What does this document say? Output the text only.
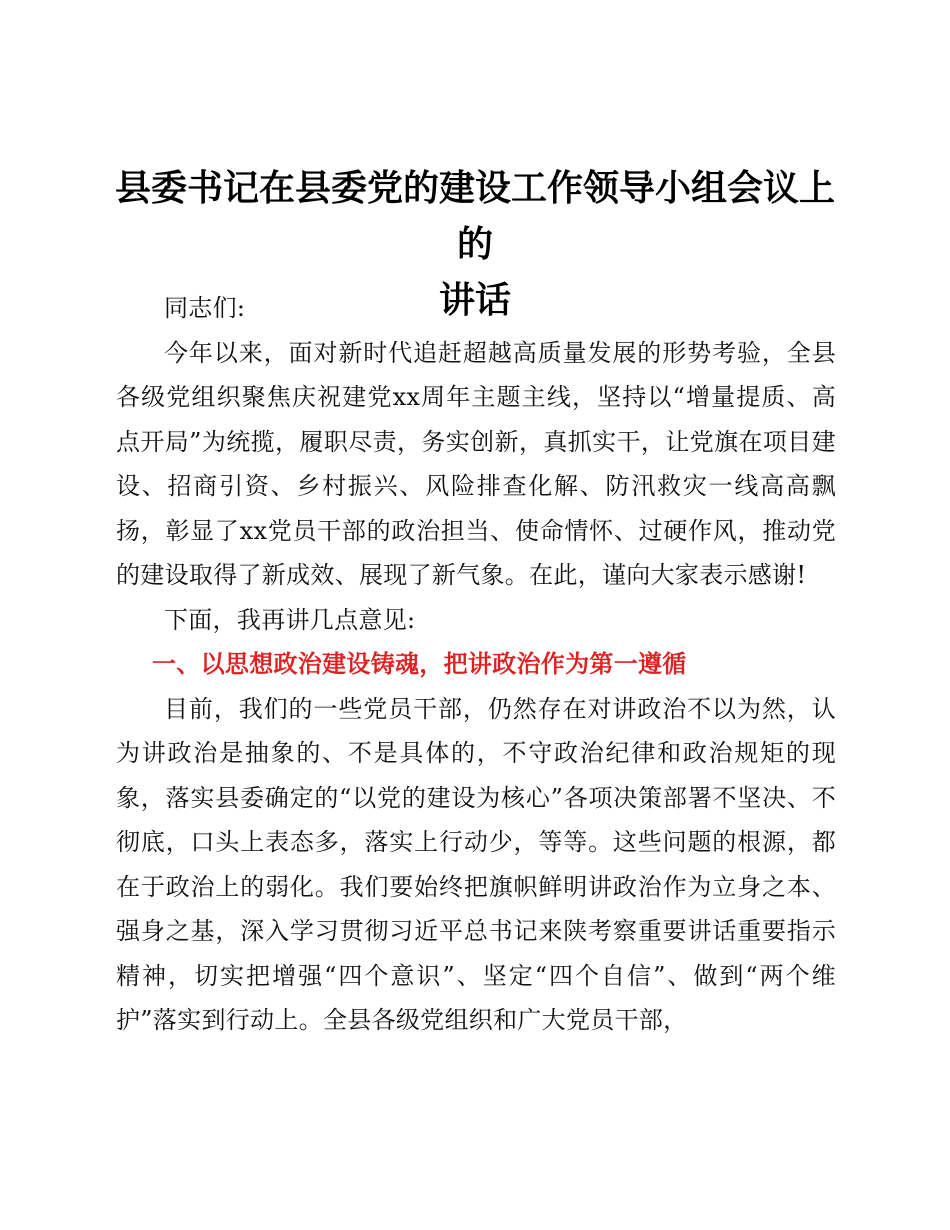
县委书记在县委党的建设工作领导小组会议上的
讲话

同志们:

今年以来，面对新时代追赶超越高质量发展的形势考验，全县各级党组织聚焦庆祝建党xx周年主题主线，坚持以“增量提质、高点开局”为统揽，履职尽责，务实创新，真抓实干，让党旗在项目建设、招商引资、乡村振兴、风险排查化解、防汛救灾一线高高飘扬，彰显了xx党员干部的政治担当、使命情怀、过硬作风，推动党的建设取得了新成效、展现了新气象。在此，谨向大家表示感谢!

下面，我再讲几点意见:

一、以思想政治建设铸魂，把讲政治作为第一遵循

目前，我们的一些党员干部，仍然存在对讲政治不以为然，认为讲政治是抽象的、不是具体的，不守政治纪律和政治规矩的现象，落实县委确定的“以党的建设为核心”各项决策部署不坚决、不彻底，口头上表态多，落实上行动少，等等。这些问题的根源，都在于政治上的弱化。我们要始终把旗帜鲜明讲政治作为立身之本、强身之基，深入学习贯彻习近平总书记来陕考察重要讲话重要指示精神，切实把增强“四个意识”、坚定“四个自信”、做到“两个维护”落实到行动上。全县各级党组织和广大党员干部，
